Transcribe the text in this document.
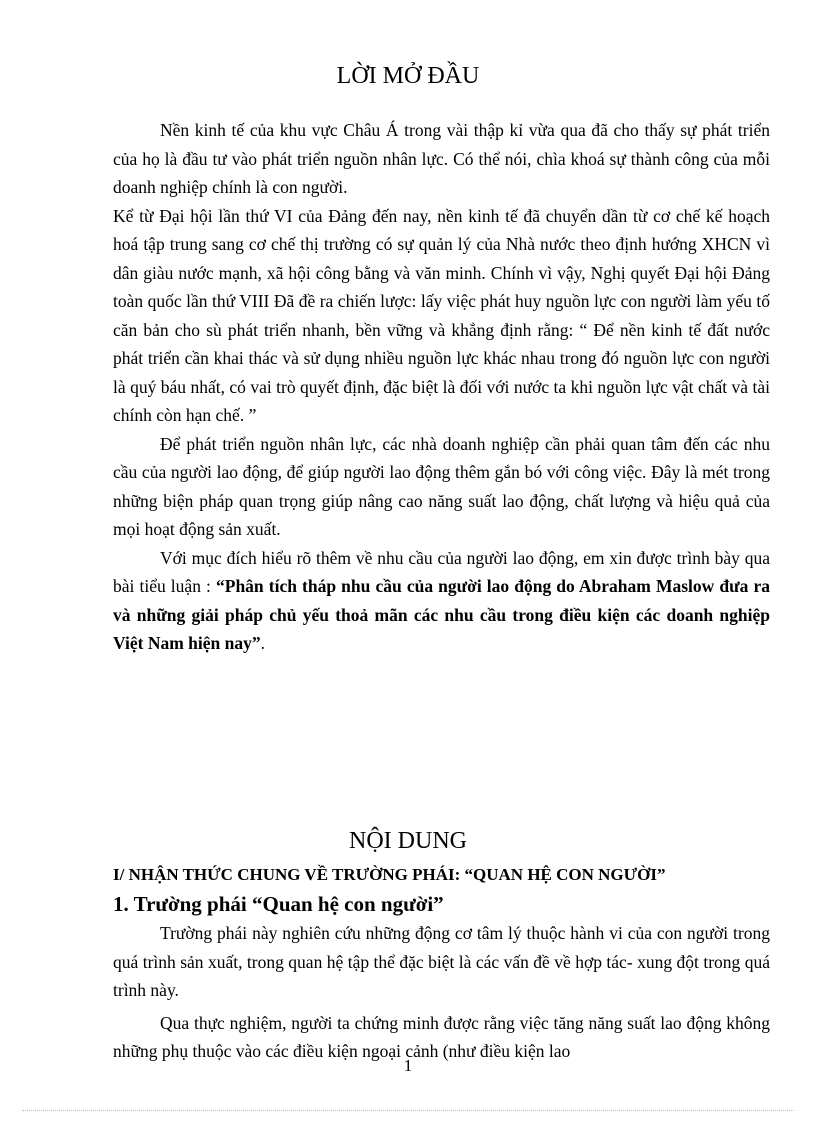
LỜI MỞ ĐẦU

Nền kinh tế của khu vực Châu Á trong vài thập kỉ vừa qua đã cho thấy sự phát triển của họ là đầu tư vào phát triển nguồn nhân lực. Có thể nói, chìa khoá sự thành công của mỗi doanh nghiệp chính là con người.

Kể từ Đại hội lần thứ VI của Đảng đến nay, nền kinh tế đã chuyển dần từ cơ chế kế hoạch hoá tập trung sang cơ chế thị trường có sự quản lý của Nhà nước theo định hướng XHCN vì dân giàu nước mạnh, xã hội công bằng và văn minh. Chính vì vậy, Nghị quyết Đại hội Đảng toàn quốc lần thứ VIII Đã đề ra chiến lược: lấy việc phát huy nguồn lực con người làm yếu tố căn bản cho sù phát triển nhanh, bền vững và khẳng định rằng: “ Để nền kinh tế đất nước phát triển cần khai thác và sử dụng nhiều nguồn lực khác nhau trong đó nguồn lực con người là quý báu nhất, có vai trò quyết định, đặc biệt là đối với nước ta khi nguồn lực vật chất và tài chính còn hạn chế. ”

Để phát triển nguồn nhân lực, các nhà doanh nghiệp cần phải quan tâm đến các nhu cầu của người lao động, để giúp người lao động thêm gắn bó với công việc. Đây là mét trong những biện pháp quan trọng giúp nâng cao năng suất lao động, chất lượng và hiệu quả của mọi hoạt động sản xuất.

Với mục đích hiểu rõ thêm về nhu cầu của người lao động, em xin được trình bày qua bài tiểu luận : “Phân tích tháp nhu cầu của người lao động do Abraham Maslow đưa ra và những giải pháp chủ yếu thoả mãn các nhu cầu trong điều kiện các doanh nghiệp Việt Nam hiện nay”.

NỘI DUNG
I/ NHẬN THỨC CHUNG VỀ TRƯỜNG PHÁI: “QUAN HỆ CON NGƯỜI”
1. Trường phái “Quan hệ con người”

Trường phái này nghiên cứu những động cơ tâm lý thuộc hành vi của con người trong quá trình sản xuất, trong quan hệ tập thể đặc biệt là các vấn đề về hợp tác- xung đột trong quá trình này.

Qua thực nghiệm, người ta chứng minh được rằng việc tăng năng suất lao động không những phụ thuộc vào các điều kiện ngoại cảnh (như điều kiện lao

1
